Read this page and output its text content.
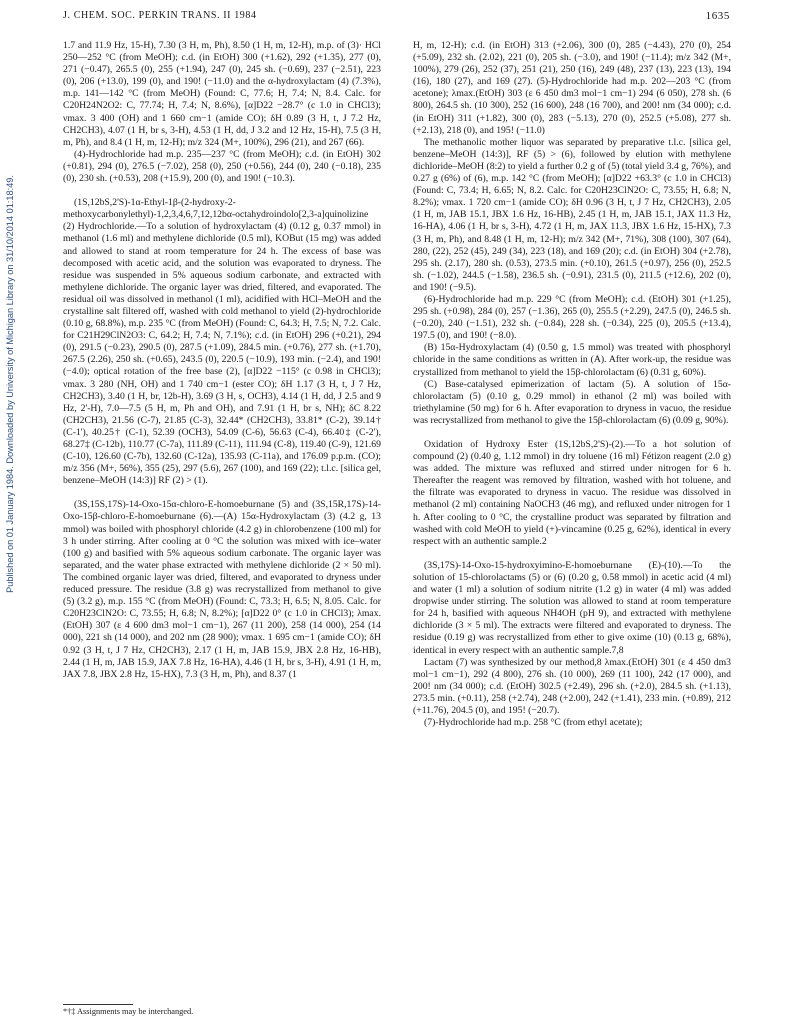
J. CHEM. SOC. PERKIN TRANS. II 1984	1635
Published on 01 January 1984. Downloaded by University of Michigan Library on 31/10/2014 01:18:49.

1.7 and 11.9 Hz, 15-H), 7.30 (3 H, m, Ph), 8.50 (1 H, m, 12-H), m.p. of (3)· HCl 250—252 °C (from MeOH); c.d. (in EtOH) 300 (+1.62), 292 (+1.35), 277 (0), 271 (−0.47), 265.5 (0), 255 (+1.94), 247 (0), 245 sh. (−0.69), 237 (−2.51), 223 (0), 206 (+13.0), 199 (0), and 190! (−11.0) and the α-hydroxylactam (4) (7.3%), m.p. 141—142 °C (from MeOH) (Found: C, 77.6; H, 7.4; N, 8.4. Calc. for C20H24N2O2: C, 77.74; H, 7.4; N, 8.6%), [α]D22 −28.7° (c 1.0 in CHCl3); νmax. 3 400 (OH) and 1 660 cm−1 (amide CO); δH 0.89 (3 H, t, J 7.2 Hz, CH2CH3), 4.07 (1 H, br s, 3-H), 4.53 (1 H, dd, J 3.2 and 12 Hz, 15-H), 7.5 (3 H, m, Ph), and 8.4 (1 H, m, 12-H); m/z 324 (M+, 100%), 296 (21), and 267 (66).

(4)-Hydrochloride had m.p. 235—237 °C (from MeOH); c.d. (in EtOH) 302 (+0.81), 294 (0), 276.5 (−7.02), 258 (0), 250 (+0.56), 244 (0), 240 (−0.18), 235 (0), 230 sh. (+0.53), 208 (+15.9), 200 (0), and 190! (−10.3).

(1S,12bS,2'S)-1α-Ethyl-1β-(2-hydroxy-2-methoxycarbonylethyl)-1,2,3,4,6,7,12,12bα-octahydroindolo[2,3-a]quinolizine (2) Hydrochloride.—To a solution of hydroxylactam (4) (0.12 g, 0.37 mmol) in methanol (1.6 ml) and methylene dichloride (0.5 ml), KOBut (15 mg) was added and allowed to stand at room temperature for 24 h. The excess of base was decomposed with acetic acid, and the solution was evaporated to dryness. The residue was suspended in 5% aqueous sodium carbonate, and extracted with methylene dichloride. The organic layer was dried, filtered, and evaporated. The residual oil was dissolved in methanol (1 ml), acidified with HCl–MeOH and the crystalline salt filtered off, washed with cold methanol to yield (2)-hydrochloride (0.10 g, 68.8%), m.p. 235 °C (from MeOH) (Found: C, 64.3; H, 7.5; N, 7.2. Calc. for C21H29ClN2O3: C, 64.2; H, 7.4; N, 7.1%); c.d. (in EtOH) 296 (+0.21), 294 (0), 291.5 (−0.23), 290.5 (0), 287.5 (+1.09), 284.5 min. (+0.76), 277 sh. (+1.70), 267.5 (2.26), 250 sh. (+0.65), 243.5 (0), 220.5 (−10.9), 193 min. (−2.4), and 190! (−4.0); optical rotation of the free base (2), [α]D22 −115° (c 0.98 in CHCl3); νmax. 3 280 (NH, OH) and 1 740 cm−1 (ester CO); δH 1.17 (3 H, t, J 7 Hz, CH2CH3), 3.40 (1 H, br, 12b-H), 3.69 (3 H, s, OCH3), 4.14 (1 H, dd, J 2.5 and 9 Hz, 2'-H), 7.0—7.5 (5 H, m, Ph and OH), and 7.91 (1 H, br s, NH); δC 8.22 (CH2CH3), 21.56 (C-7), 21.85 (C-3), 32.44* (CH2CH3), 33.81* (C-2), 39.14† (C-1'), 40.25† (C-1), 52.39 (OCH3), 54.09 (C-6), 56.63 (C-4), 66.40‡ (C-2'), 68.27‡ (C-12b), 110.77 (C-7a), 111.89 (C-11), 111.94 (C-8), 119.40 (C-9), 121.69 (C-10), 126.60 (C-7b), 132.60 (C-12a), 135.93 (C-11a), and 176.09 p.p.m. (CO); m/z 356 (M+, 56%), 355 (25), 297 (5.6), 267 (100), and 169 (22); t.l.c. [silica gel, benzene–MeOH (14:3)] RF (2) > (1).

(3S,15S,17S)-14-Oxo-15α-chloro-E-homoeburnane (5) and (3S,15R,17S)-14-Oxo-15β-chloro-E-homoeburnane (6).—(A) 15α-Hydroxylactam (3) (4.2 g, 13 mmol) was boiled with phosphoryl chloride (4.2 g) in chlorobenzene (100 ml) for 3 h under stirring. After cooling at 0 °C the solution was mixed with ice–water (100 g) and basified with 5% aqueous sodium carbonate. The organic layer was separated, and the water phase extracted with methylene dichloride (2 × 50 ml). The combined organic layer was dried, filtered, and evaporated to dryness under reduced pressure. The residue (3.8 g) was recrystallized from methanol to give (5) (3.2 g), m.p. 155 °C (from MeOH) (Found: C, 73.3; H, 6.5; N, 8.05. Calc. for C20H23ClN2O: C, 73.55; H, 6.8; N, 8.2%); [α]D22 0° (c 1.0 in CHCl3); λmax.(EtOH) 307 (ε 4 600 dm3 mol−1 cm−1), 267 (11 200), 258 (14 000), 254 (14 000), 221 sh (14 000), and 202 nm (28 900); νmax. 1 695 cm−1 (amide CO); δH 0.92 (3 H, t, J 7 Hz, CH2CH3), 2.17 (1 H, m, JAB 15.9, JBX 2.8 Hz, 16-HB), 2.44 (1 H, m, JAB 15.9, JAX 7.8 Hz, 16-HA), 4.46 (1 H, br s, 3-H), 4.91 (1 H, m, JAX 7.8, JBX 2.8 Hz, 15-HX), 7.3 (3 H, m, Ph), and 8.37 (1

H, m, 12-H); c.d. (in EtOH) 313 (+2.06), 300 (0), 285 (−4.43), 270 (0), 254 (+5.09), 232 sh. (2.02), 221 (0), 205 sh. (−3.0), and 190! (−11.4); m/z 342 (M+, 100%), 279 (26), 252 (37), 251 (21), 250 (16), 249 (48), 237 (13), 223 (13), 194 (16), 180 (27), and 169 (27). (5)-Hydrochloride had m.p. 202—203 °C (from acetone); λmax.(EtOH) 303 (ε 6 450 dm3 mol−1 cm−1) 294 (6 050), 278 sh. (6 800), 264.5 sh. (10 300), 252 (16 600), 248 (16 700), and 200! nm (34 000); c.d. (in EtOH) 311 (+1.82), 300 (0), 283 (−5.13), 270 (0), 252.5 (+5.08), 277 sh. (+2.13), 218 (0), and 195! (−11.0)

The methanolic mother liquor was separated by preparative t.l.c. [silica gel, benzene–MeOH (14:3)], RF (5) > (6), followed by elution with methylene dichloride–MeOH (8:2) to yield a further 0.2 g of (5) (total yield 3.4 g, 76%), and 0.27 g (6%) of (6), m.p. 142 °C (from MeOH); [α]D22 +63.3° (c 1.0 in CHCl3) (Found: C, 73.4; H, 6.65; N, 8.2. Calc. for C20H23ClN2O: C, 73.55; H, 6.8; N, 8.2%); νmax. 1 720 cm−1 (amide CO); δH 0.96 (3 H, t, J 7 Hz, CH2CH3), 2.05 (1 H, m, JAB 15.1, JBX 1.6 Hz, 16-HB), 2.45 (1 H, m, JAB 15.1, JAX 11.3 Hz, 16-HA), 4.06 (1 H, br s, 3-H), 4.72 (1 H, m, JAX 11.3, JBX 1.6 Hz, 15-HX), 7.3 (3 H, m, Ph), and 8.48 (1 H, m, 12-H); m/z 342 (M+, 71%), 308 (100), 307 (64), 280, (22), 252 (45), 249 (34), 223 (18), and 169 (20); c.d. (in EtOH) 304 (+2.78), 295 sh. (2.17), 280 sh. (0.53), 273.5 min. (+0.10), 261.5 (+0.97), 256 (0), 252.5 sh. (−1.02), 244.5 (−1.58), 236.5 sh. (−0.91), 231.5 (0), 211.5 (+12.6), 202 (0), and 190! (−9.5).

(6)-Hydrochloride had m.p. 229 °C (from MeOH); c.d. (EtOH) 301 (+1.25), 295 sh. (+0.98), 284 (0), 257 (−1.36), 265 (0), 255.5 (+2.29), 247.5 (0), 246.5 sh. (−0.20), 240 (−1.51), 232 sh. (−0.84), 228 sh. (−0.34), 225 (0), 205.5 (+13.4), 197.5 (0), and 190! (−8.0).

(B) 15α-Hydroxylactam (4) (0.50 g, 1.5 mmol) was treated with phosphoryl chloride in the same conditions as written in (A). After work-up, the residue was crystallized from methanol to yield the 15β-chlorolactam (6) (0.31 g, 60%).

(C) Base-catalysed epimerization of lactam (5). A solution of 15α-chlorolactam (5) (0.10 g, 0.29 mmol) in ethanol (2 ml) was boiled with triethylamine (50 mg) for 6 h. After evaporation to dryness in vacuo, the residue was recrystallized from methanol to give the 15β-chlorolactam (6) (0.09 g, 90%).

Oxidation of Hydroxy Ester (1S,12bS,2'S)-(2).—To a hot solution of compound (2) (0.40 g, 1.12 mmol) in dry toluene (16 ml) Fétizon reagent (2.0 g) was added. The mixture was refluxed and stirred under nitrogen for 6 h. Thereafter the reagent was removed by filtration, washed with hot toluene, and the filtrate was evaporated to dryness in vacuo. The residue was dissolved in methanol (2 ml) containing NaOCH3 (46 mg), and refluxed under nitrogen for 1 h. After cooling to 0 °C, the crystalline product was separated by filtration and washed with cold MeOH to yield (+)-vincamine (0.25 g, 62%), identical in every respect with an authentic sample.2

(3S,17S)-14-Oxo-15-hydroxyimino-E-homoeburnane (E)-(10).—To the solution of 15-chlorolactams (5) or (6) (0.20 g, 0.58 mmol) in acetic acid (4 ml) and water (1 ml) a solution of sodium nitrite (1.2 g) in water (4 ml) was added dropwise under stirring. The solution was allowed to stand at room temperature for 24 h, basified with aqueous NH4OH (pH 9), and extracted with methylene dichloride (3 × 5 ml). The extracts were filtered and evaporated to dryness. The residue (0.19 g) was recrystallized from ether to give oxime (10) (0.13 g, 68%), identical in every respect with an authentic sample.7,8

Lactam (7) was synthesized by our method,8 λmax.(EtOH) 301 (ε 4 450 dm3 mol−1 cm−1), 292 (4 800), 276 sh. (10 000), 269 (11 100), 242 (17 000), and 200! nm (34 000); c.d. (EtOH) 302.5 (+2.49), 296 sh. (+2.0), 284.5 sh. (+1.13), 273.5 min. (+0.11), 258 (+2.74), 248 (+2.00), 242 (+1.41), 233 min. (+0.89), 212 (+11.76), 204.5 (0), and 195! (−20.7).

(7)-Hydrochloride had m.p. 258 °C (from ethyl acetate);

*†‡ Assignments may be interchanged.
